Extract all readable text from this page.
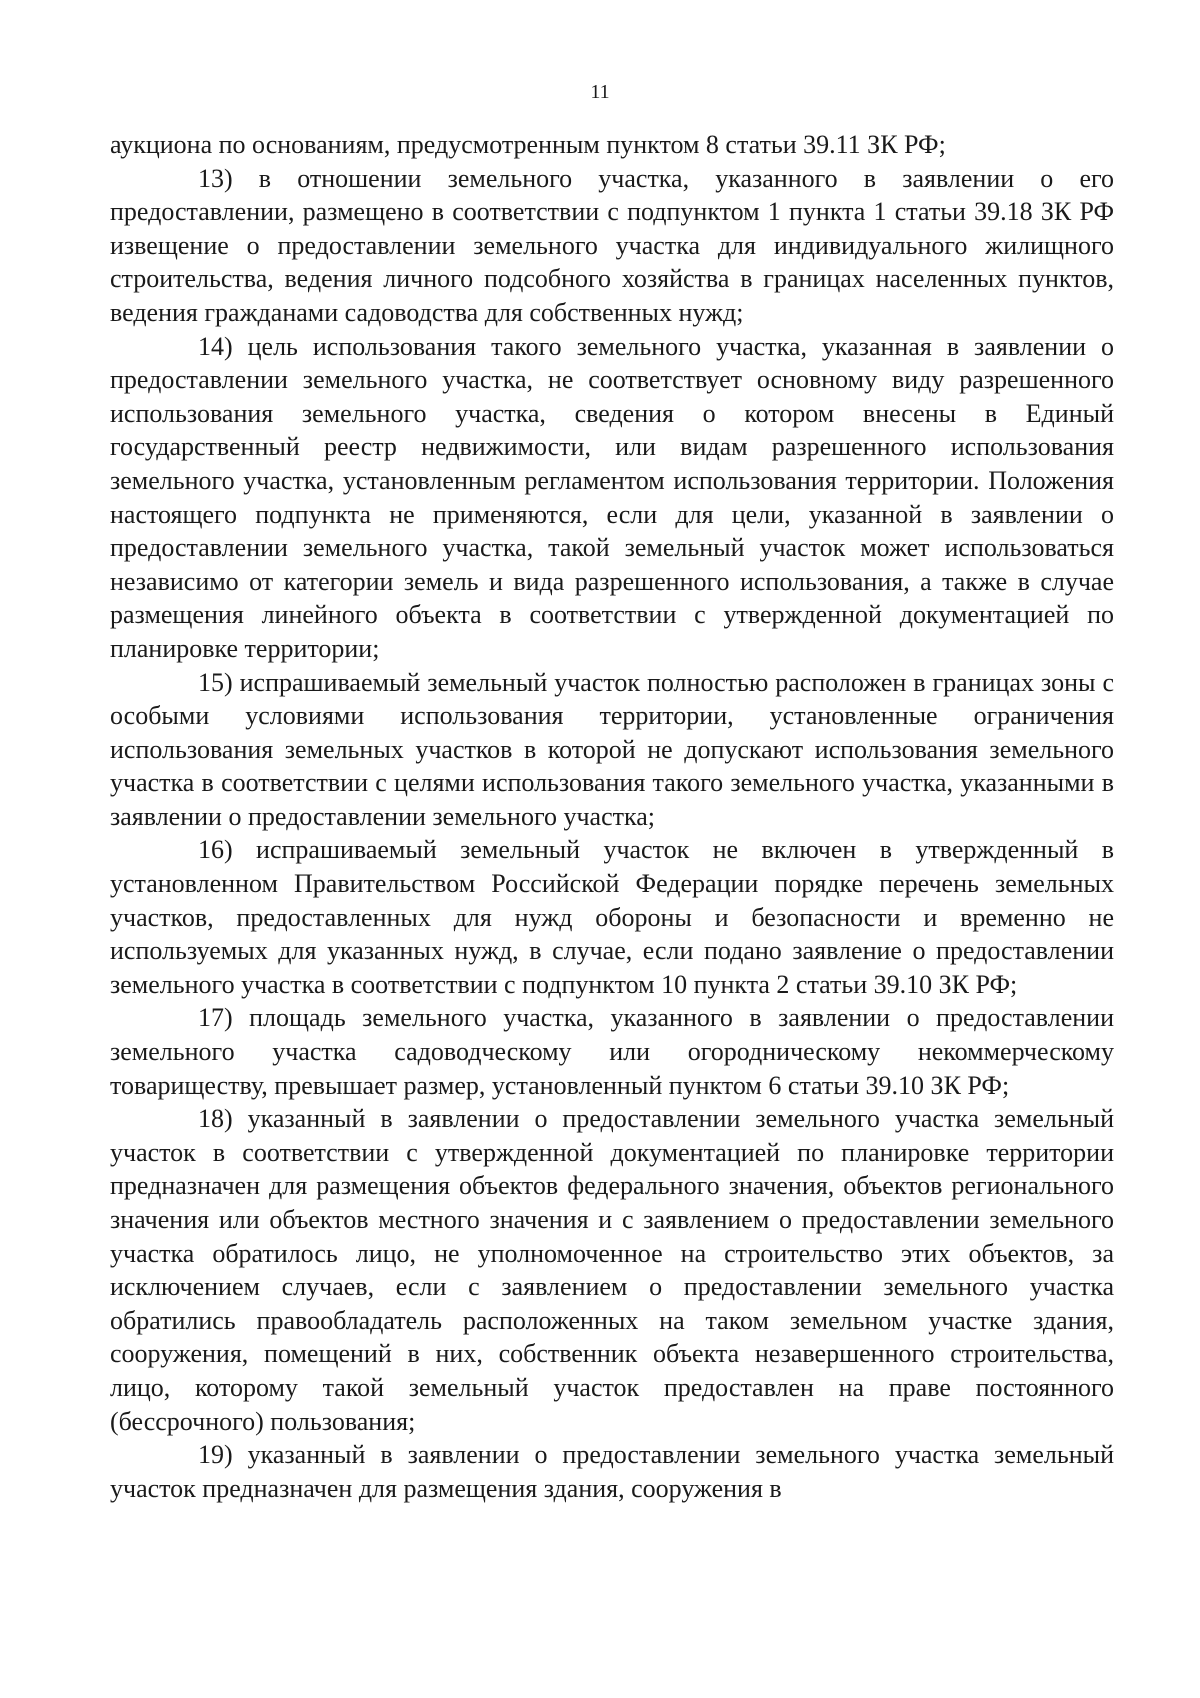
11

аукциона по основаниям, предусмотренным пунктом 8 статьи 39.11 ЗК РФ;

13) в отношении земельного участка, указанного в заявлении о его предоставлении, размещено в соответствии с подпунктом 1 пункта 1 статьи 39.18 ЗК РФ извещение о предоставлении земельного участка для индивидуального жилищного строительства, ведения личного подсобного хозяйства в границах населенных пунктов, ведения гражданами садоводства для собственных нужд;

14) цель использования такого земельного участка, указанная в заявлении о предоставлении земельного участка, не соответствует основному виду разрешенного использования земельного участка, сведения о котором внесены в Единый государственный реестр недвижимости, или видам разрешенного использования земельного участка, установленным регламентом использования территории. Положения настоящего подпункта не применяются, если для цели, указанной в заявлении о предоставлении земельного участка, такой земельный участок может использоваться независимо от категории земель и вида разрешенного использования, а также в случае размещения линейного объекта в соответствии с утвержденной документацией по планировке территории;

15) испрашиваемый земельный участок полностью расположен в границах зоны с особыми условиями использования территории, установленные ограничения использования земельных участков в которой не допускают использования земельного участка в соответствии с целями использования такого земельного участка, указанными в заявлении о предоставлении земельного участка;

16) испрашиваемый земельный участок не включен в утвержденный в установленном Правительством Российской Федерации порядке перечень земельных участков, предоставленных для нужд обороны и безопасности и временно не используемых для указанных нужд, в случае, если подано заявление о предоставлении земельного участка в соответствии с подпунктом 10 пункта 2 статьи 39.10 ЗК РФ;

17) площадь земельного участка, указанного в заявлении о предоставлении земельного участка садоводческому или огородническому некоммерческому товариществу, превышает размер, установленный пунктом 6 статьи 39.10 ЗК РФ;

18) указанный в заявлении о предоставлении земельного участка земельный участок в соответствии с утвержденной документацией по планировке территории предназначен для размещения объектов федерального значения, объектов регионального значения или объектов местного значения и с заявлением о предоставлении земельного участка обратилось лицо, не уполномоченное на строительство этих объектов, за исключением случаев, если с заявлением о предоставлении земельного участка обратились правообладатель расположенных на таком земельном участке здания, сооружения, помещений в них, собственник объекта незавершенного строительства, лицо, которому такой земельный участок предоставлен на праве постоянного (бессрочного) пользования;

19) указанный в заявлении о предоставлении земельного участка земельный участок предназначен для размещения здания, сооружения в
